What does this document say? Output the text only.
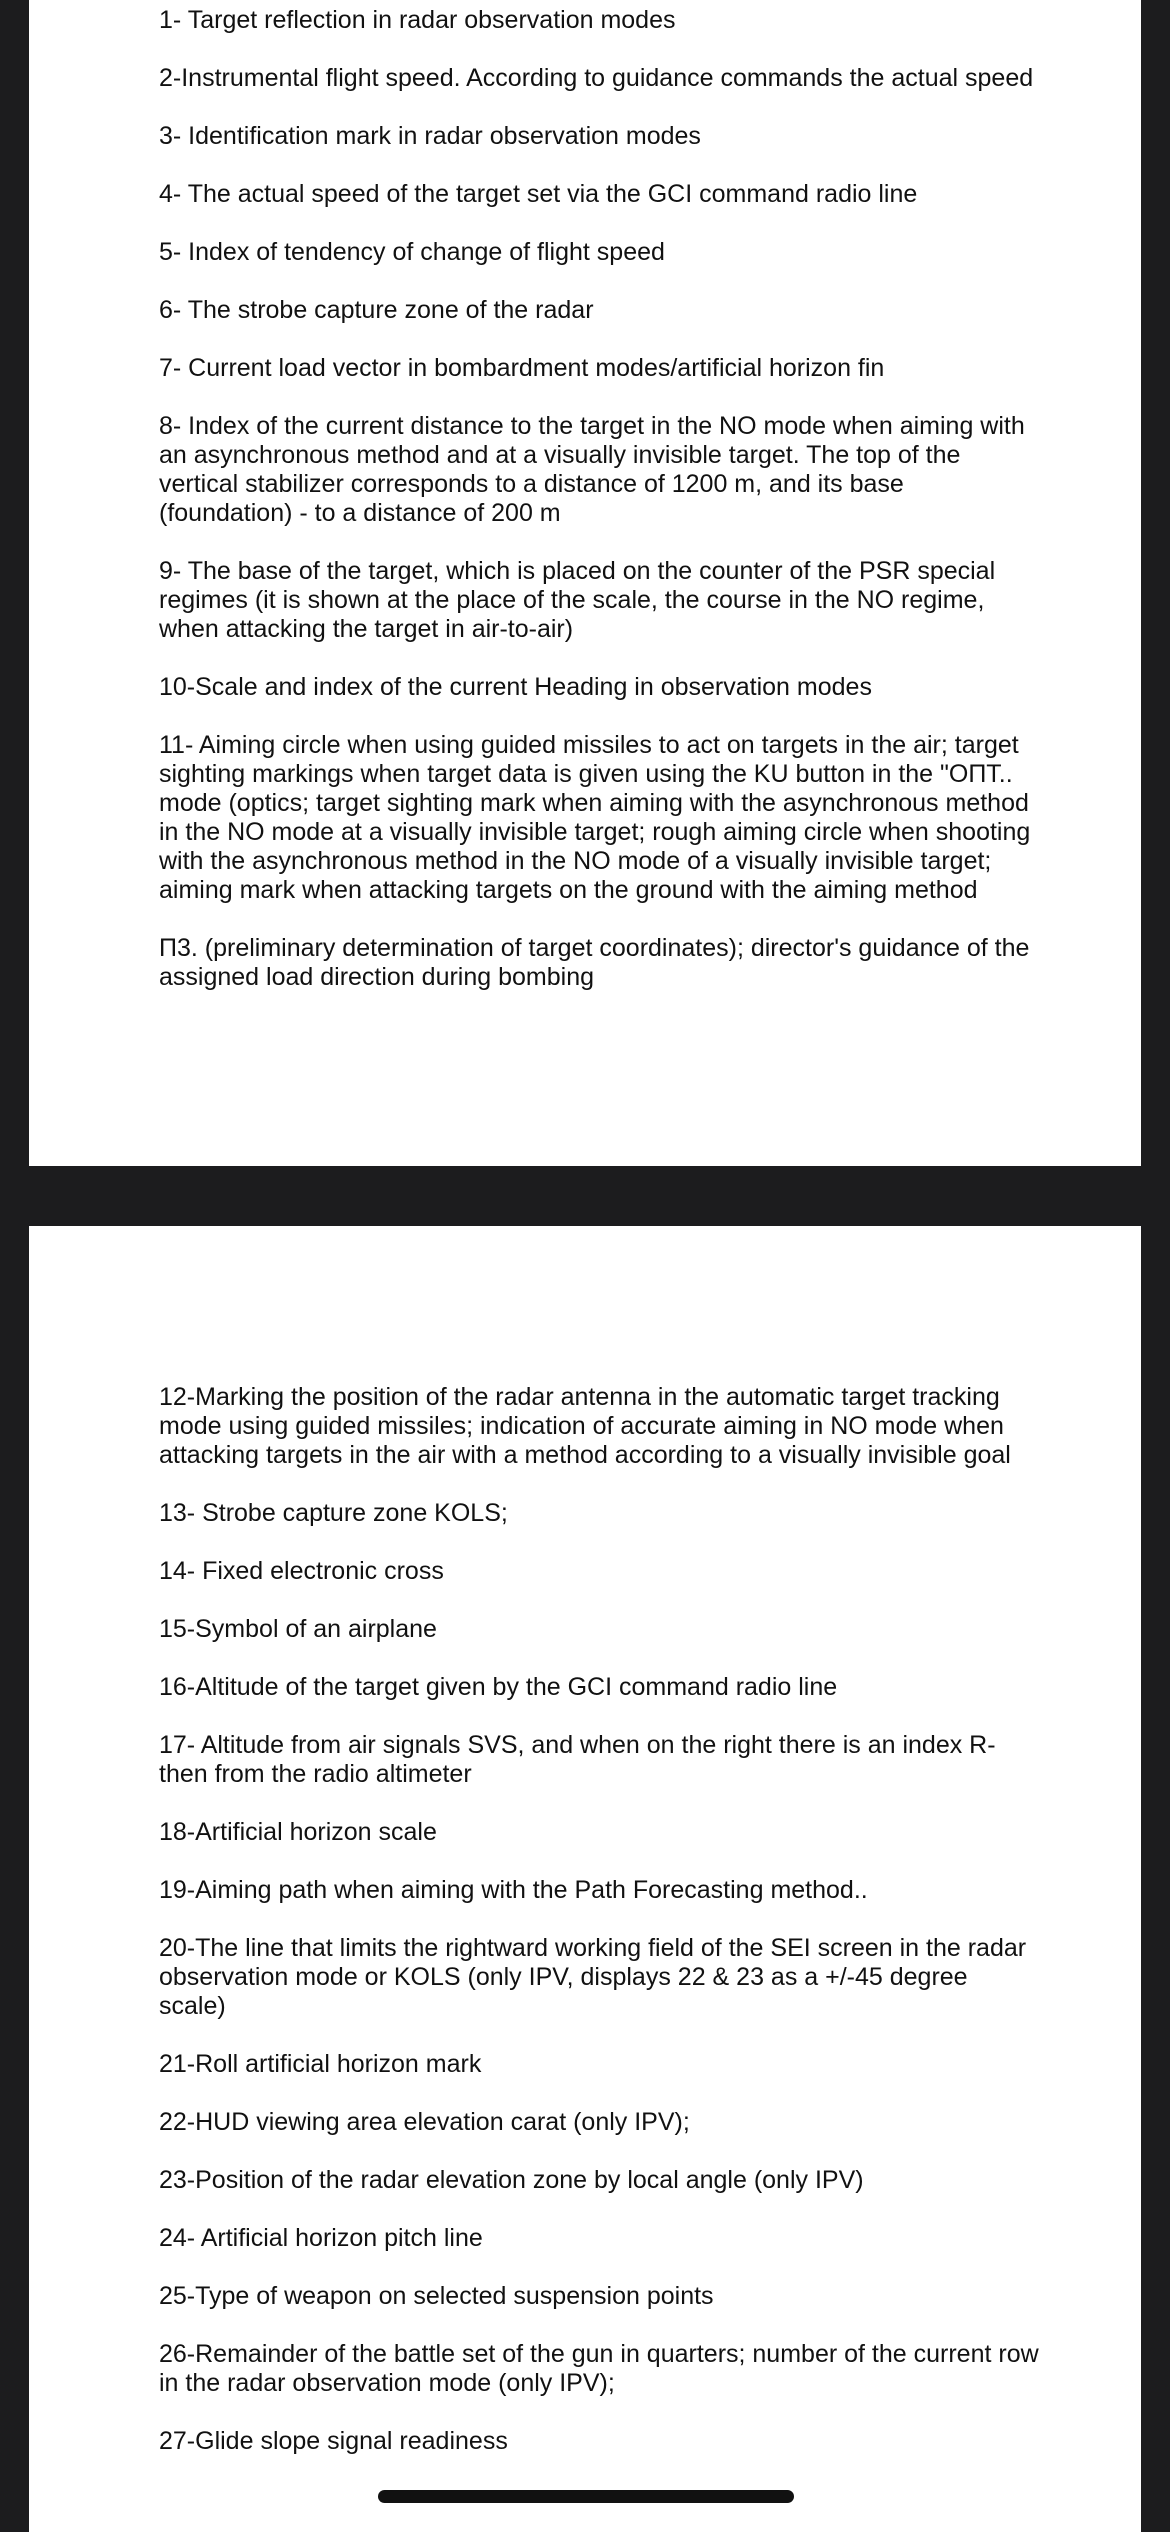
1- Target reflection in radar observation modes

2-Instrumental flight speed. According to guidance commands the actual speed

3- Identification mark in radar observation modes

4- The actual speed of the target set via the GCI command radio line

5- Index of tendency of change of flight speed

6- The strobe capture zone of the radar

7- Current load vector in bombardment modes/artificial horizon fin

8- Index of the current distance to the target in the NO mode when aiming with an asynchronous method and at a visually invisible target. The top of the vertical stabilizer corresponds to a distance of 1200 m, and its base (foundation) - to a distance of 200 m

9- The base of the target, which is placed on the counter of the PSR special regimes (it is shown at the place of the scale, the course in the NO regime, when attacking the target in air-to-air)

10-Scale and index of the current Heading in observation modes

11- Aiming circle when using guided missiles to act on targets in the air; target sighting markings when target data is given using the KU button in the "ОПТ.. mode (optics; target sighting mark when aiming with the asynchronous method in the NO mode at a visually invisible target; rough aiming circle when shooting with the asynchronous method in the NO mode of a visually invisible target; aiming mark when attacking targets on the ground with the aiming method

П3. (preliminary determination of target coordinates); director's guidance of the assigned load direction during bombing

12-Marking the position of the radar antenna in the automatic target tracking mode using guided missiles; indication of accurate aiming in NO mode when attacking targets in the air with a method according to a visually invisible goal

13- Strobe capture zone KOLS;

14- Fixed electronic cross

15-Symbol of an airplane

16-Altitude of the target given by the GCI command radio line

17- Altitude from air signals SVS, and when on the right there is an index R-then from the radio altimeter

18-Artificial horizon scale

19-Aiming path when aiming with the Path Forecasting method..

20-The line that limits the rightward working field of the SEI screen in the radar observation mode or KOLS (only IPV, displays 22 & 23 as a +/-45 degree scale)

21-Roll artificial horizon mark

22-HUD viewing area elevation carat (only IPV);

23-Position of the radar elevation zone by local angle (only IPV)

24- Artificial horizon pitch line

25-Type of weapon on selected suspension points

26-Remainder of the battle set of the gun in quarters; number of the current row in the radar observation mode (only IPV);

27-Glide slope signal readiness
